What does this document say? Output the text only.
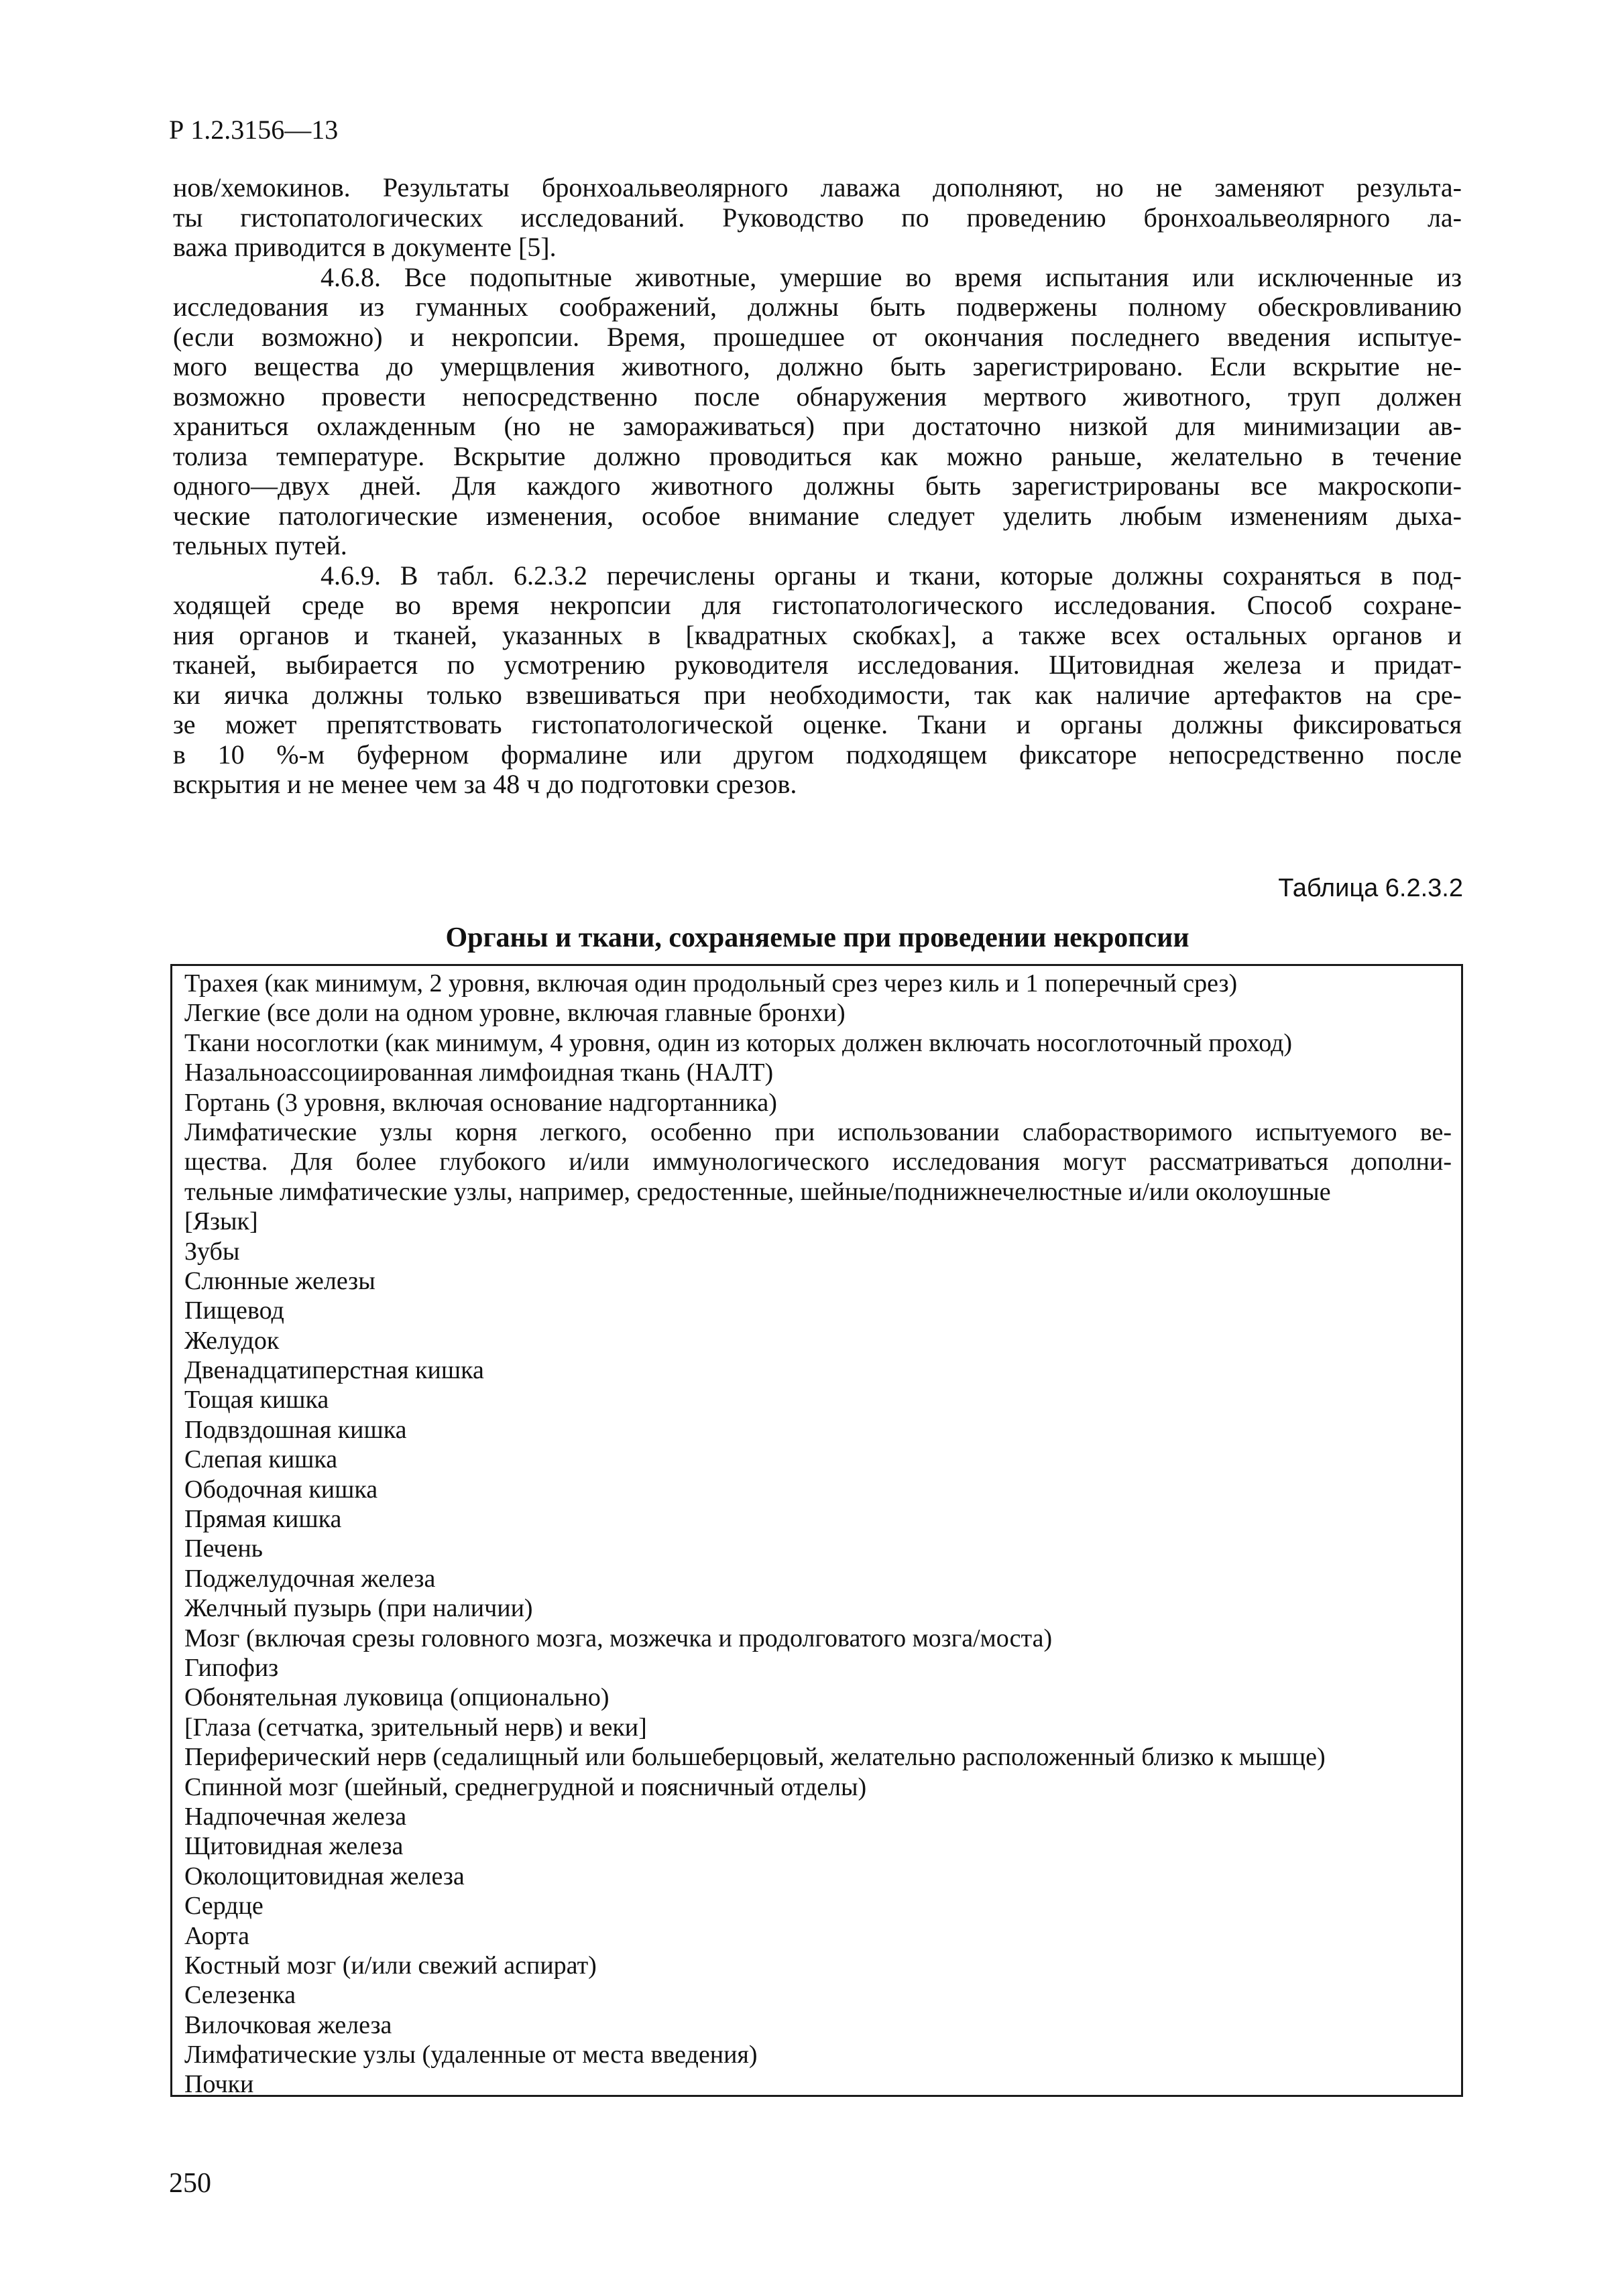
Р 1.2.3156—13
нов/хемокинов. Результаты бронхоальвеолярного лаважа дополняют, но не заменяют результа-
ты гистопатологических исследований. Руководство по проведению бронхоальвеолярного ла-
важа приводится в документе [5].
4.6.8. Все подопытные животные, умершие во время испытания или исключенные из
исследования из гуманных соображений, должны быть подвержены полному обескровливанию
(если возможно) и некропсии. Время, прошедшее от окончания последнего введения испытуе-
мого вещества до умерщвления животного, должно быть зарегистрировано. Если вскрытие не-
возможно провести непосредственно после обнаружения мертвого животного, труп должен
храниться охлажденным (но не замораживаться) при достаточно низкой для минимизации ав-
толиза температуре. Вскрытие должно проводиться как можно раньше, желательно в течение
одного—двух дней. Для каждого животного должны быть зарегистрированы все макроскопи-
ческие патологические изменения, особое внимание следует уделить любым изменениям дыха-
тельных путей.
4.6.9. В табл. 6.2.3.2 перечислены органы и ткани, которые должны сохраняться в под-
ходящей среде во время некропсии для гистопатологического исследования. Способ сохране-
ния органов и тканей, указанных в [квадратных скобках], а также всех остальных органов и
тканей, выбирается по усмотрению руководителя исследования. Щитовидная железа и придат-
ки яичка должны только взвешиваться при необходимости, так как наличие артефактов на сре-
зе может препятствовать гистопатологической оценке. Ткани и органы должны фиксироваться
в 10 %-м буферном формалине или другом подходящем фиксаторе непосредственно после
вскрытия и не менее чем за 48 ч до подготовки срезов.
Таблица 6.2.3.2
Органы и ткани, сохраняемые при проведении некропсии
Трахея (как минимум, 2 уровня, включая один продольный срез через киль и 1 поперечный срез)
Легкие (все доли на одном уровне, включая главные бронхи)
Ткани носоглотки (как минимум, 4 уровня, один из которых должен включать носоглоточный проход)
Назальноассоциированная лимфоидная ткань (НАЛТ)
Гортань (3 уровня, включая основание надгортанника)
Лимфатические узлы корня легкого, особенно при использовании слаборастворимого испытуемого ве-
щества. Для более глубокого и/или иммунологического исследования могут рассматриваться дополни-
тельные лимфатические узлы, например, средостенные, шейные/поднижнечелюстные и/или околоушные
[Язык]
Зубы
Слюнные железы
Пищевод
Желудок
Двенадцатиперстная кишка
Тощая кишка
Подвздошная кишка
Слепая кишка
Ободочная кишка
Прямая кишка
Печень
Поджелудочная железа
Желчный пузырь (при наличии)
Мозг (включая срезы головного мозга, мозжечка и продолговатого мозга/моста)
Гипофиз
Обонятельная луковица (опционально)
[Глаза (сетчатка, зрительный нерв) и веки]
Периферический нерв (седалищный или большеберцовый, желательно расположенный близко к мышце)
Спинной мозг (шейный, среднегрудной и поясничный отделы)
Надпочечная железа
Щитовидная железа
Околощитовидная железа
Сердце
Аорта
Костный мозг (и/или свежий аспират)
Селезенка
Вилочковая железа
Лимфатические узлы (удаленные от места введения)
Почки
250
